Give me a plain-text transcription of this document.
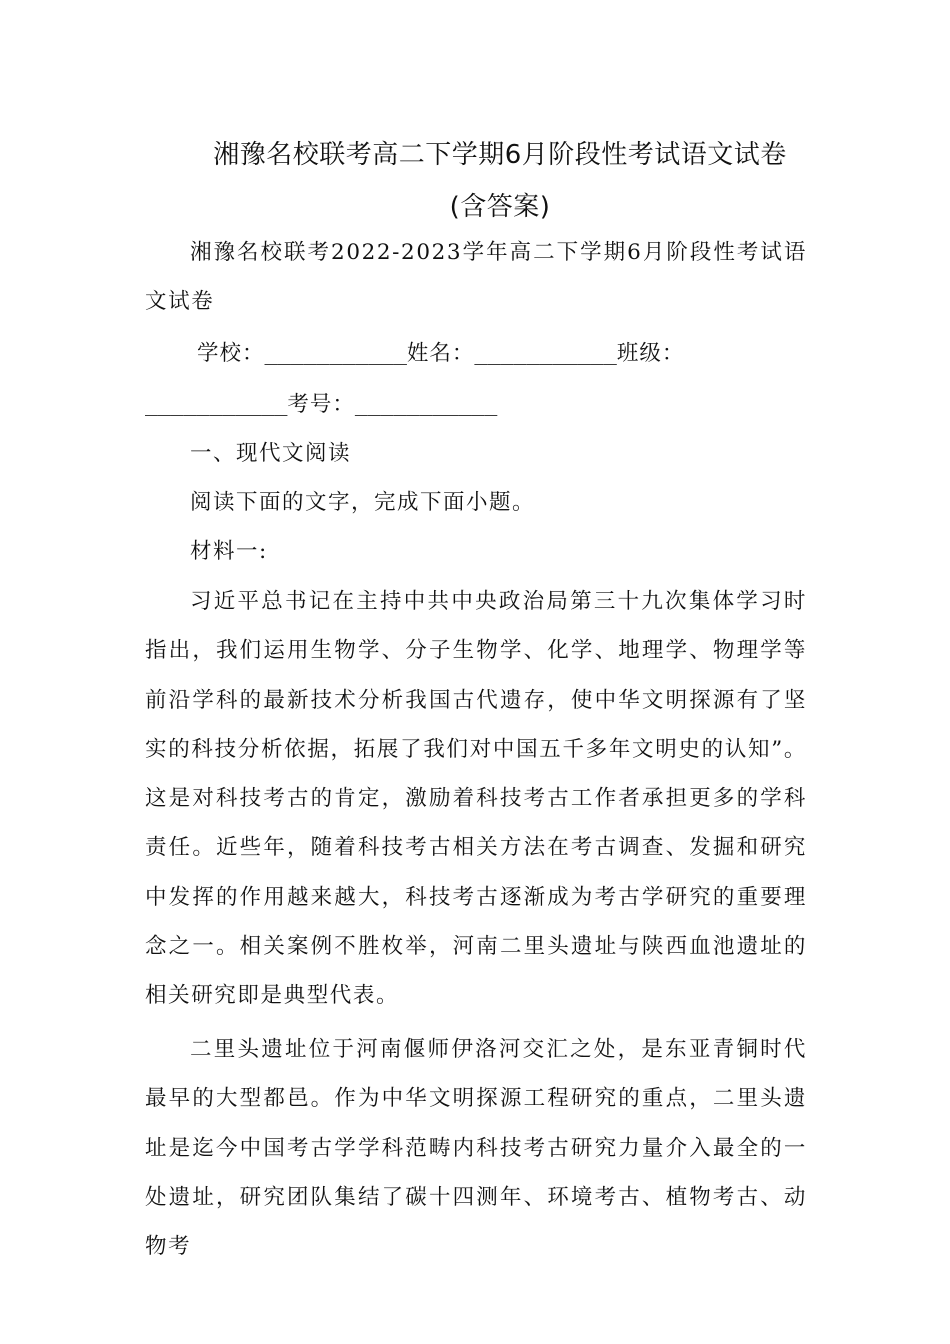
湘豫名校联考高二下学期6月阶段性考试语文试卷
(含答案)

湘豫名校联考2022-2023学年高二下学期6月阶段性考试语文试卷

学校：___________姓名：___________班级：___________考号：___________

一、现代文阅读

阅读下面的文字，完成下面小题。

材料一:

习近平总书记在主持中共中央政治局第三十九次集体学习时指出，我们运用生物学、分子生物学、化学、地理学、物理学等前沿学科的最新技术分析我国古代遗存，使中华文明探源有了坚实的科技分析依据，拓展了我们对中国五千多年文明史的认知”。这是对科技考古的肯定，激励着科技考古工作者承担更多的学科责任。近些年，随着科技考古相关方法在考古调查、发掘和研究中发挥的作用越来越大，科技考古逐渐成为考古学研究的重要理念之一。相关案例不胜枚举，河南二里头遗址与陕西血池遗址的相关研究即是典型代表。

二里头遗址位于河南偃师伊洛河交汇之处，是东亚青铜时代最早的大型都邑。作为中华文明探源工程研究的重点，二里头遗址是迄今中国考古学学科范畴内科技考古研究力量介入最全的一处遗址，研究团队集结了碳十四测年、环境考古、植物考古、动物考
